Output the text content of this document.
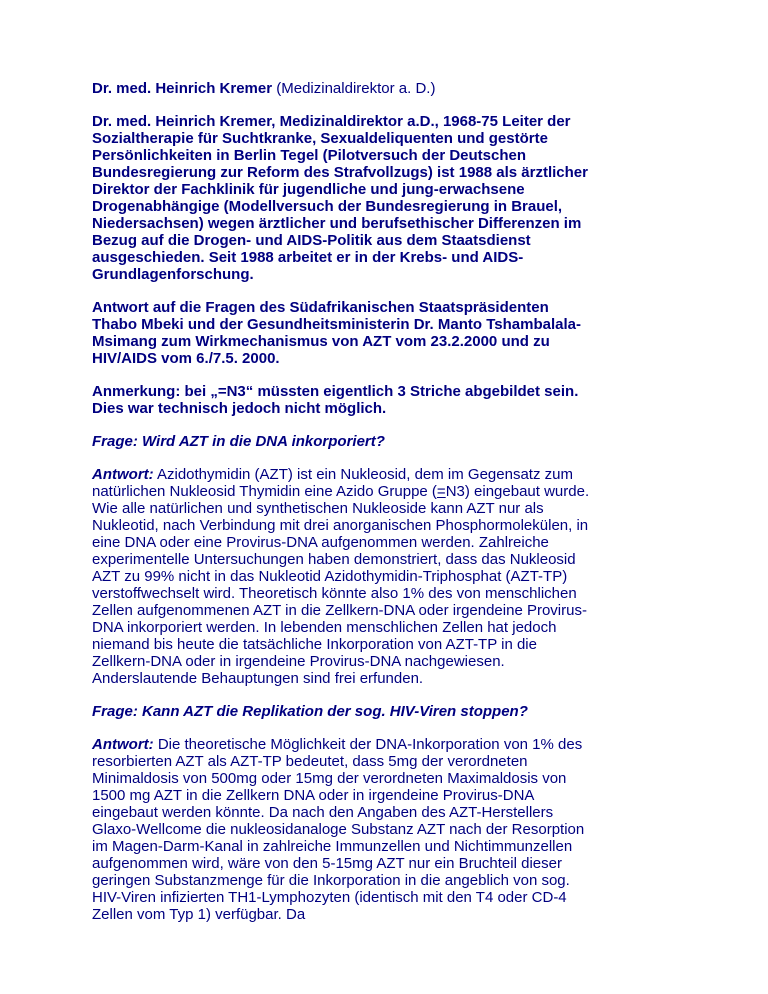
Dr. med. Heinrich Kremer (Medizinaldirektor a. D.)

Dr. med. Heinrich Kremer, Medizinaldirektor a.D., 1968-75 Leiter der Sozialtherapie für Suchtkranke, Sexualdeliquenten und gestörte Persönlichkeiten in Berlin Tegel (Pilotversuch der Deutschen Bundesregierung zur Reform des Strafvollzugs) ist 1988 als ärztlicher Direktor der Fachklinik für jugendliche und jung-erwachsene Drogenabhängige (Modellversuch der Bundesregierung in Brauel, Niedersachsen) wegen ärztlicher und berufsethischer Differenzen im Bezug auf die Drogen- und AIDS-Politik aus dem Staatsdienst ausgeschieden. Seit 1988 arbeitet er in der Krebs- und AIDS-Grundlagenforschung.

Antwort auf die Fragen des Südafrikanischen Staatspräsidenten Thabo Mbeki und der Gesundheitsministerin Dr. Manto Tshambalala-Msimang zum Wirkmechanismus von AZT vom 23.2.2000 und zu HIV/AIDS vom 6./7.5. 2000.

Anmerkung: bei „=N3“ müssten eigentlich 3 Striche abgebildet sein. Dies war technisch jedoch nicht möglich.

Frage: Wird AZT in die DNA inkorporiert?

Antwort: Azidothymidin (AZT) ist ein Nukleosid, dem im Gegensatz zum natürlichen Nukleosid Thymidin eine Azido Gruppe (=N3) eingebaut wurde. Wie alle natürlichen und synthetischen Nukleoside kann AZT nur als Nukleotid, nach Verbindung mit drei anorganischen Phosphormolekülen, in eine DNA oder eine Provirus-DNA aufgenommen werden. Zahlreiche experimentelle Untersuchungen haben demonstriert, dass das Nukleosid AZT zu 99% nicht in das Nukleotid Azidothymidin-Triphosphat (AZT-TP) verstoffwechselt wird. Theoretisch könnte also 1% des von menschlichen Zellen aufgenommenen AZT in die Zellkern-DNA oder irgendeine Provirus-DNA inkorporiert werden. In lebenden menschlichen Zellen hat jedoch niemand bis heute die tatsächliche Inkorporation von AZT-TP in die Zellkern-DNA oder in irgendeine Provirus-DNA nachgewiesen. Anderslautende Behauptungen sind frei erfunden.

Frage: Kann AZT die Replikation der sog. HIV-Viren stoppen?

Antwort: Die theoretische Möglichkeit der DNA-Inkorporation von 1% des resorbierten AZT als AZT-TP bedeutet, dass 5mg der verordneten Minimaldosis von 500mg oder 15mg der verordneten Maximaldosis von 1500 mg AZT in die Zellkern DNA oder in irgendeine Provirus-DNA eingebaut werden könnte. Da nach den Angaben des AZT-Herstellers Glaxo-Wellcome die nukleosidanaloge Substanz AZT nach der Resorption im Magen-Darm-Kanal in zahlreiche Immunzellen und Nichtimmunzellen aufgenommen wird, wäre von den 5-15mg AZT nur ein Bruchteil dieser geringen Substanzmenge für die Inkorporation in die angeblich von sog. HIV-Viren infizierten TH1-Lymphozyten (identisch mit den T4 oder CD-4 Zellen vom Typ 1) verfügbar. Da
